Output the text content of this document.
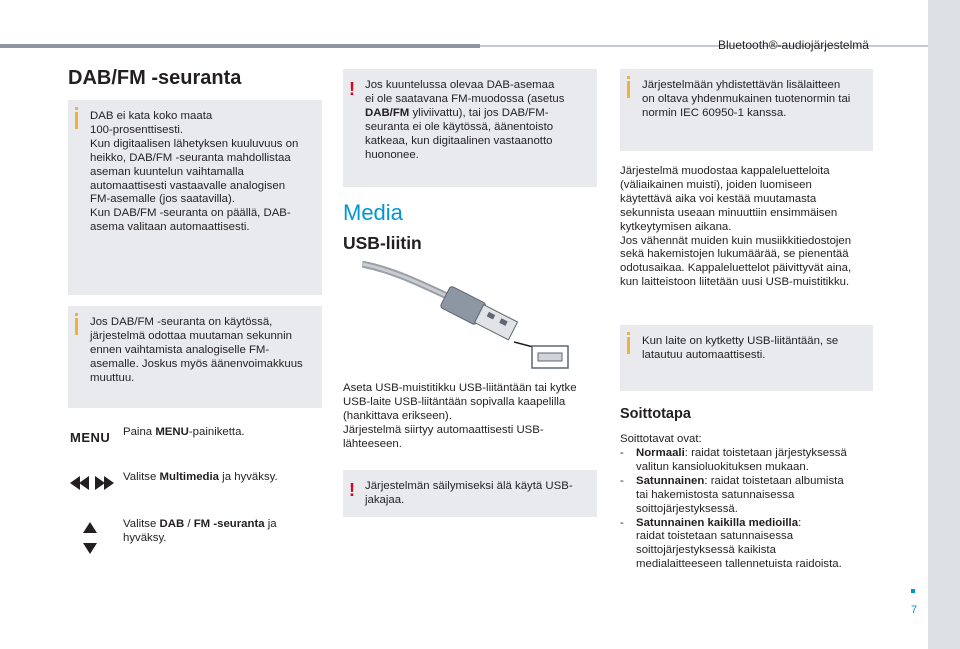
Bluetooth®-audiojärjestelmä
7
DAB/FM -seuranta
DAB ei kata koko maata
100-prosenttisesti.
Kun digitaalisen lähetyksen kuuluvuus on
heikko, DAB/FM -seuranta mahdollistaa
aseman kuuntelun vaihtamalla
automaattisesti vastaavalle analogisen
FM-asemalle (jos saatavilla).
Kun DAB/FM -seuranta on päällä, DAB-
asema valitaan automaattisesti.
Jos DAB/FM -seuranta on käytössä,
järjestelmä odottaa muutaman sekunnin
ennen vaihtamista analogiselle FM-
asemalle. Joskus myös äänenvoimakkuus
muuttuu.
MENU Paina MENU-painiketta.
Valitse Multimedia ja hyväksy.
Valitse DAB / FM -seuranta ja
hyväksy.
! Jos kuuntelussa olevaa DAB-asemaa
ei ole saatavana FM-muodossa (asetus
DAB/FM yliviivattu), tai jos DAB/FM-
seuranta ei ole käytössä, äänentoisto
katkeaa, kun digitaalinen vastaanotto
huononee.
Media
USB-liitin
Aseta USB-muistitikku USB-liitäntään tai kytke
USB-laite USB-liitäntään sopivalla kaapelilla
(hankittava erikseen).
Järjestelmä siirtyy automaattisesti USB-
lähteeseen.
! Järjestelmän säilymiseksi älä käytä USB-
jakajaa.
Järjestelmään yhdistettävän lisälaitteen
on oltava yhdenmukainen tuotenormin tai
normin IEC 60950-1 kanssa.
Järjestelmä muodostaa kappaleluetteloita
(väliaikainen muisti), joiden luomiseen
käytettävä aika voi kestää muutamasta
sekunnista useaan minuuttiin ensimmäisen
kytkeytymisen aikana.
Jos vähennät muiden kuin musiikkitiedostojen
sekä hakemistojen lukumäärää, se pienentää
odotusaikaa. Kappaleluettelot päivittyvät aina,
kun laitteistoon liitetään uusi USB-muistitikku.
Kun laite on kytketty USB-liitäntään, se
latautuu automaattisesti.
Soittotapa
Soittotavat ovat:
-	Normaali: raidat toistetaan järjestyksessä
valitun kansioluokituksen mukaan.
-	Satunnainen: raidat toistetaan albumista
tai hakemistosta satunnaisessa
soittojärjestyksessä.
-	Satunnainen kaikilla medioilla:
raidat toistetaan satunnaisessa
soittojärjestyksessä kaikista
medialaitteeseen tallennetuista raidoista.
